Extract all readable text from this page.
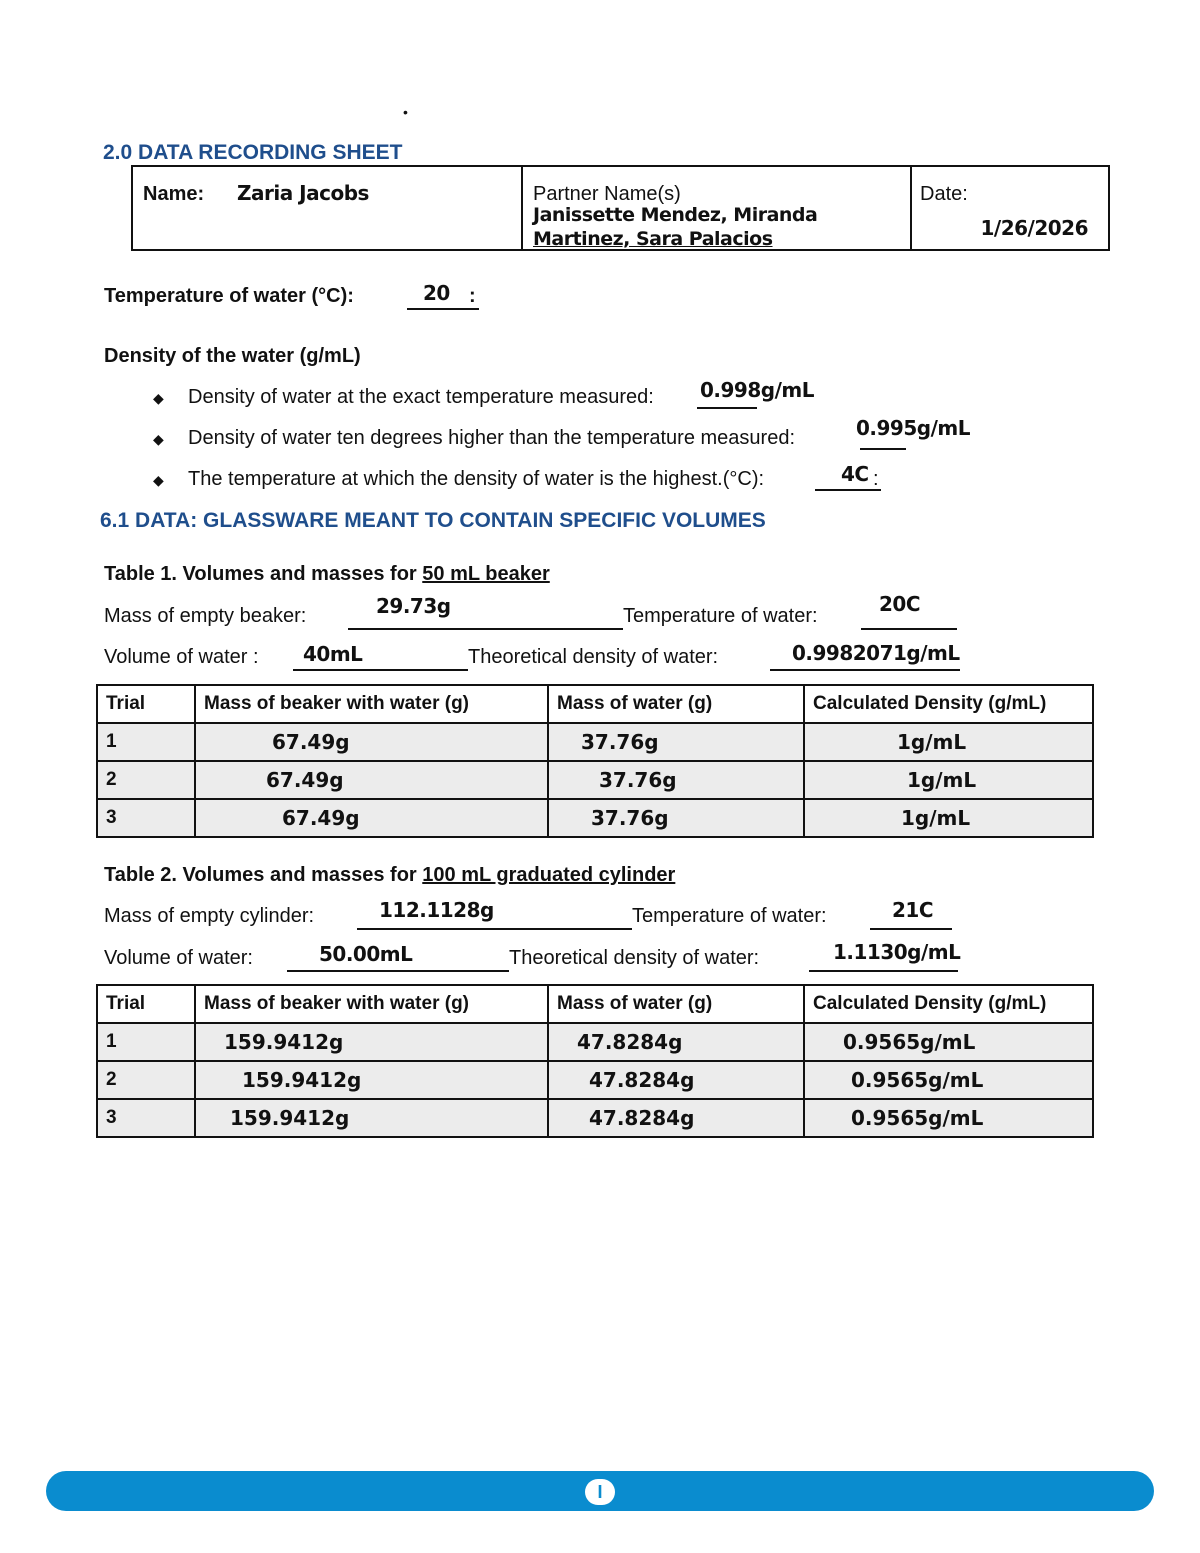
•
2.0 DATA RECORDING SHEET
Name: Zaria Jacobs	Partner Name(s)
Janissette Mendez, Miranda
Martinez, Sara Palacios
Date:
1/26/2026
Temperature of water (°C):	20 :
Density of the water (g/mL)
◆ Density of water at the exact temperature measured: 0.998g/mL
◆ Density of water ten degrees higher than the temperature measured:	0.995g/mL
◆ The temperature at which the density of water is the highest.(°C):	4C :
6.1 DATA: GLASSWARE MEANT TO CONTAIN SPECIFIC VOLUMES
Table 1. Volumes and masses for 50 mL beaker
Mass of empty beaker:	29.73g	Temperature of water:	20C
Volume of water : 40mL	Theoretical density of water:	0.9982071g/mL
Trial	Mass of beaker with water (g)	Mass of water (g)	Calculated Density (g/mL)
1	67.49g	37.76g	1g/mL
2	67.49g	37.76g	1g/mL
3	67.49g	37.76g	1g/mL
Table 2. Volumes and masses for 100 mL graduated cylinder
Mass of empty cylinder:	112.1128g	Temperature of water:	21C
Volume of water:	50.00mL	Theoretical density of water:	1.1130g/mL
Trial	Mass of beaker with water (g)	Mass of water (g)	Calculated Density (g/mL)
1	159.9412g	47.8284g	0.9565g/mL
2	159.9412g	47.8284g	0.9565g/mL
3	159.9412g	47.8284g	0.9565g/mL
I
